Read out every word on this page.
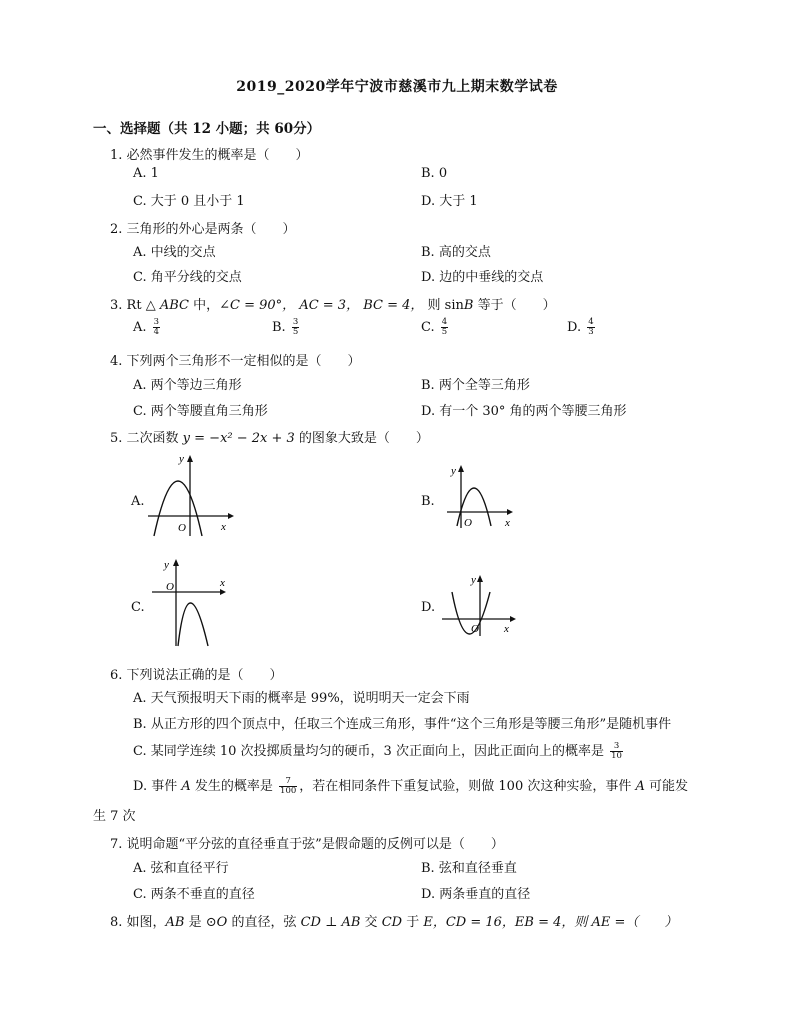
2019_2020学年宁波市慈溪市九上期末数学试卷
一、选择题（共 12 小题；共 60分）
1. 必然事件发生的概率是（　　）
A. 1	B. 0
C. 大于 0 且小于 1	D. 大于 1
2. 三角形的外心是两条（　　）
A. 中线的交点	B. 高的交点
C. 角平分线的交点	D. 边的中垂线的交点
3. Rt △ ABC 中，∠C = 90°， AC = 3， BC = 4， 则 sinB 等于（　　）
A. $\frac{3}{4}$	B. $\frac{3}{5}$	C. $\frac{4}{5}$	D. $\frac{4}{3}$
4. 下列两个三角形不一定相似的是（　　）
A. 两个等边三角形	B. 两个全等三角形
C. 两个等腰直角三角形	D. 有一个 30° 角的两个等腰三角形
5. 二次函数 y = −x² − 2x + 3 的图象大致是（　　）
A.
y
x
O
B.
y
x
O
C.
y
x
O
D.
y
x
O
6. 下列说法正确的是（　　）
A. 天气预报明天下雨的概率是 99%，说明明天一定会下雨
B. 从正方形的四个顶点中，任取三个连成三角形，事件“这个三角形是等腰三角形”是随机事件
C. 某同学连续 10 次投掷质量均匀的硬币，3 次正面向上，因此正面向上的概率是 $\frac{3}{10}$
D. 事件 A 发生的概率是 $\frac{7}{100}$ ，若在相同条件下重复试验，则做 100 次这种实验，事件 A 可能发
生 7 次
7. 说明命题“平分弦的直径垂直于弦”是假命题的反例可以是（　　）
A. 弦和直径平行	B. 弦和直径垂直
C. 两条不垂直的直径	D. 两条垂直的直径
8. 如图，AB 是 ⊙O 的直径，弦 CD ⊥ AB 交 CD 于 E，CD = 16，EB = 4，则 AE =（　　）
